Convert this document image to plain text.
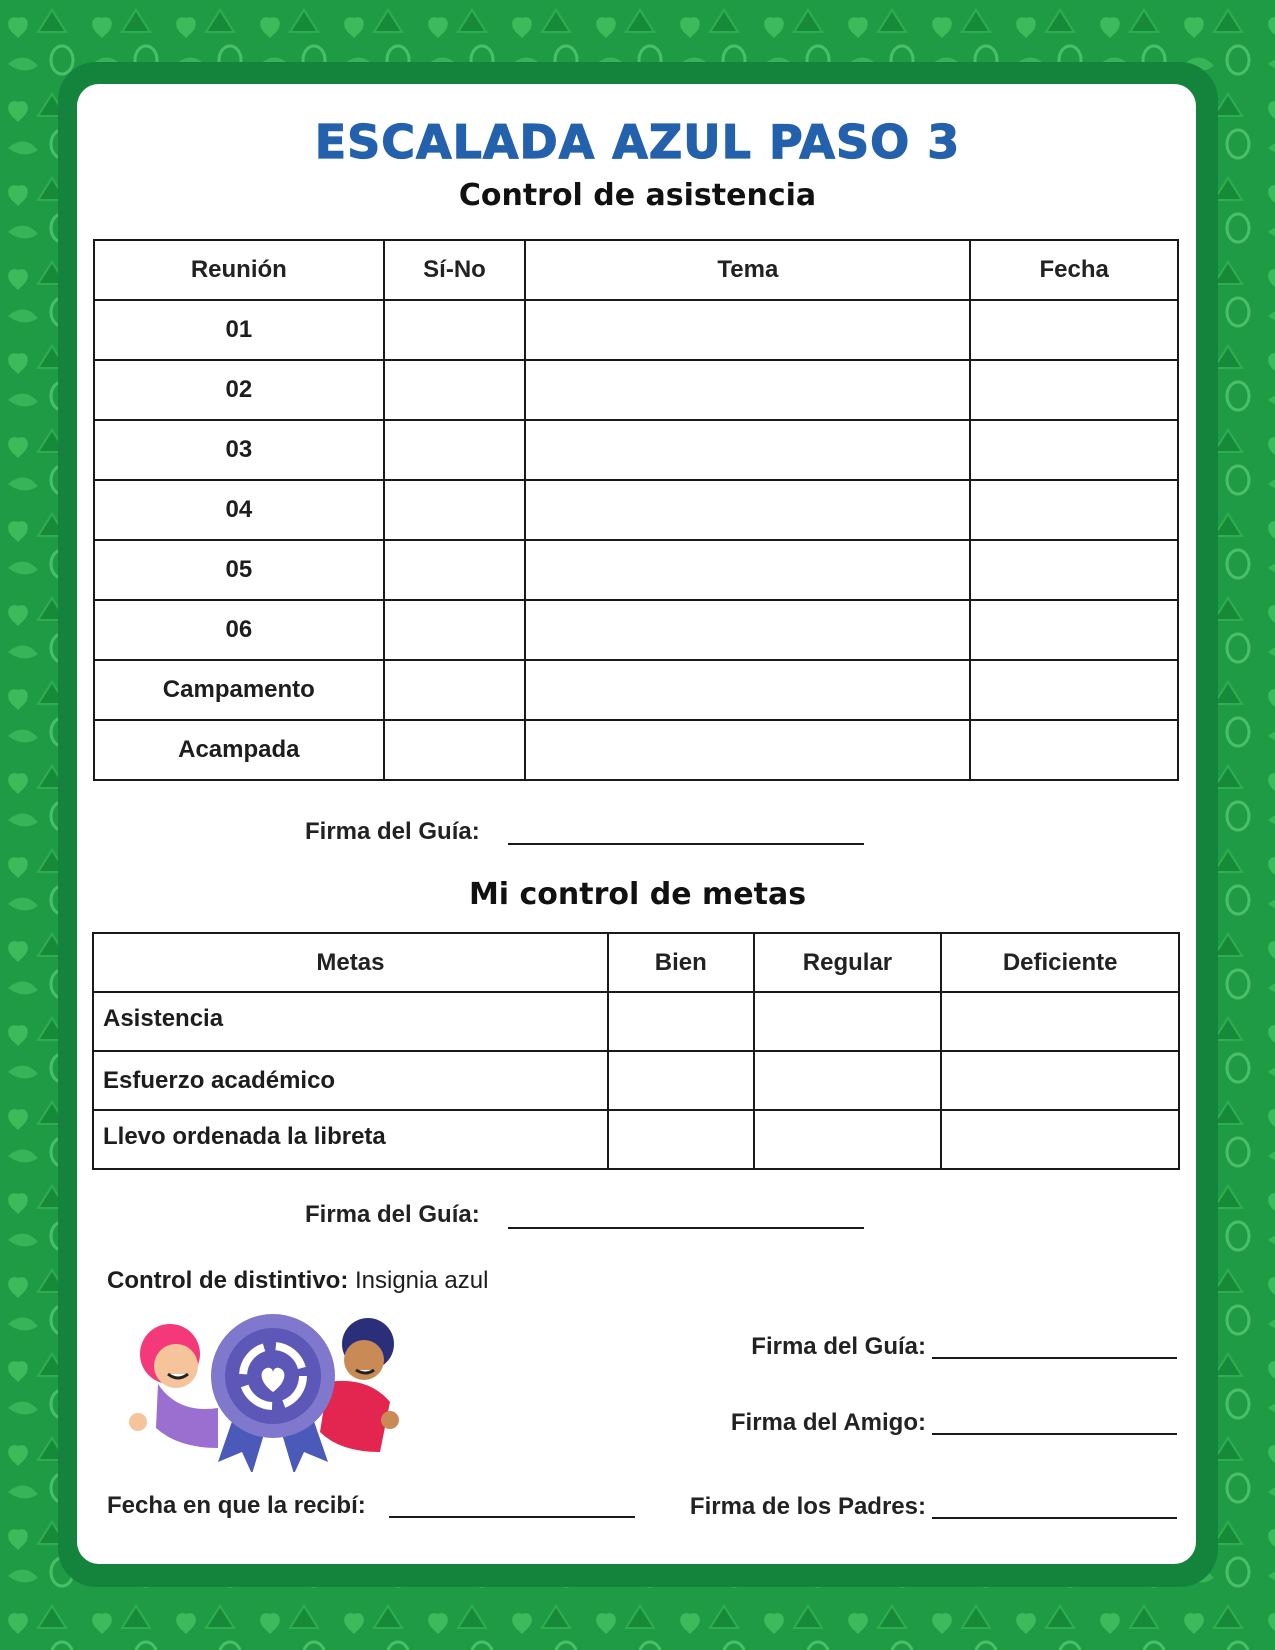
ESCALADA AZUL PASO 3
Control de asistencia
Reunión	Sí-No	Tema	Fecha
01			
02			
03			
04			
05			
06			
Campamento			
Acampada			
Firma del Guía:
Mi control de metas
Metas	Bien	Regular	Deficiente
Asistencia			
Esfuerzo académico			
Llevo ordenada la libreta			
Firma del Guía:
Control de distintivo: Insignia azul
Fecha en que la recibí:
Firma del Guía:
Firma del Amigo:
Firma de los Padres:
